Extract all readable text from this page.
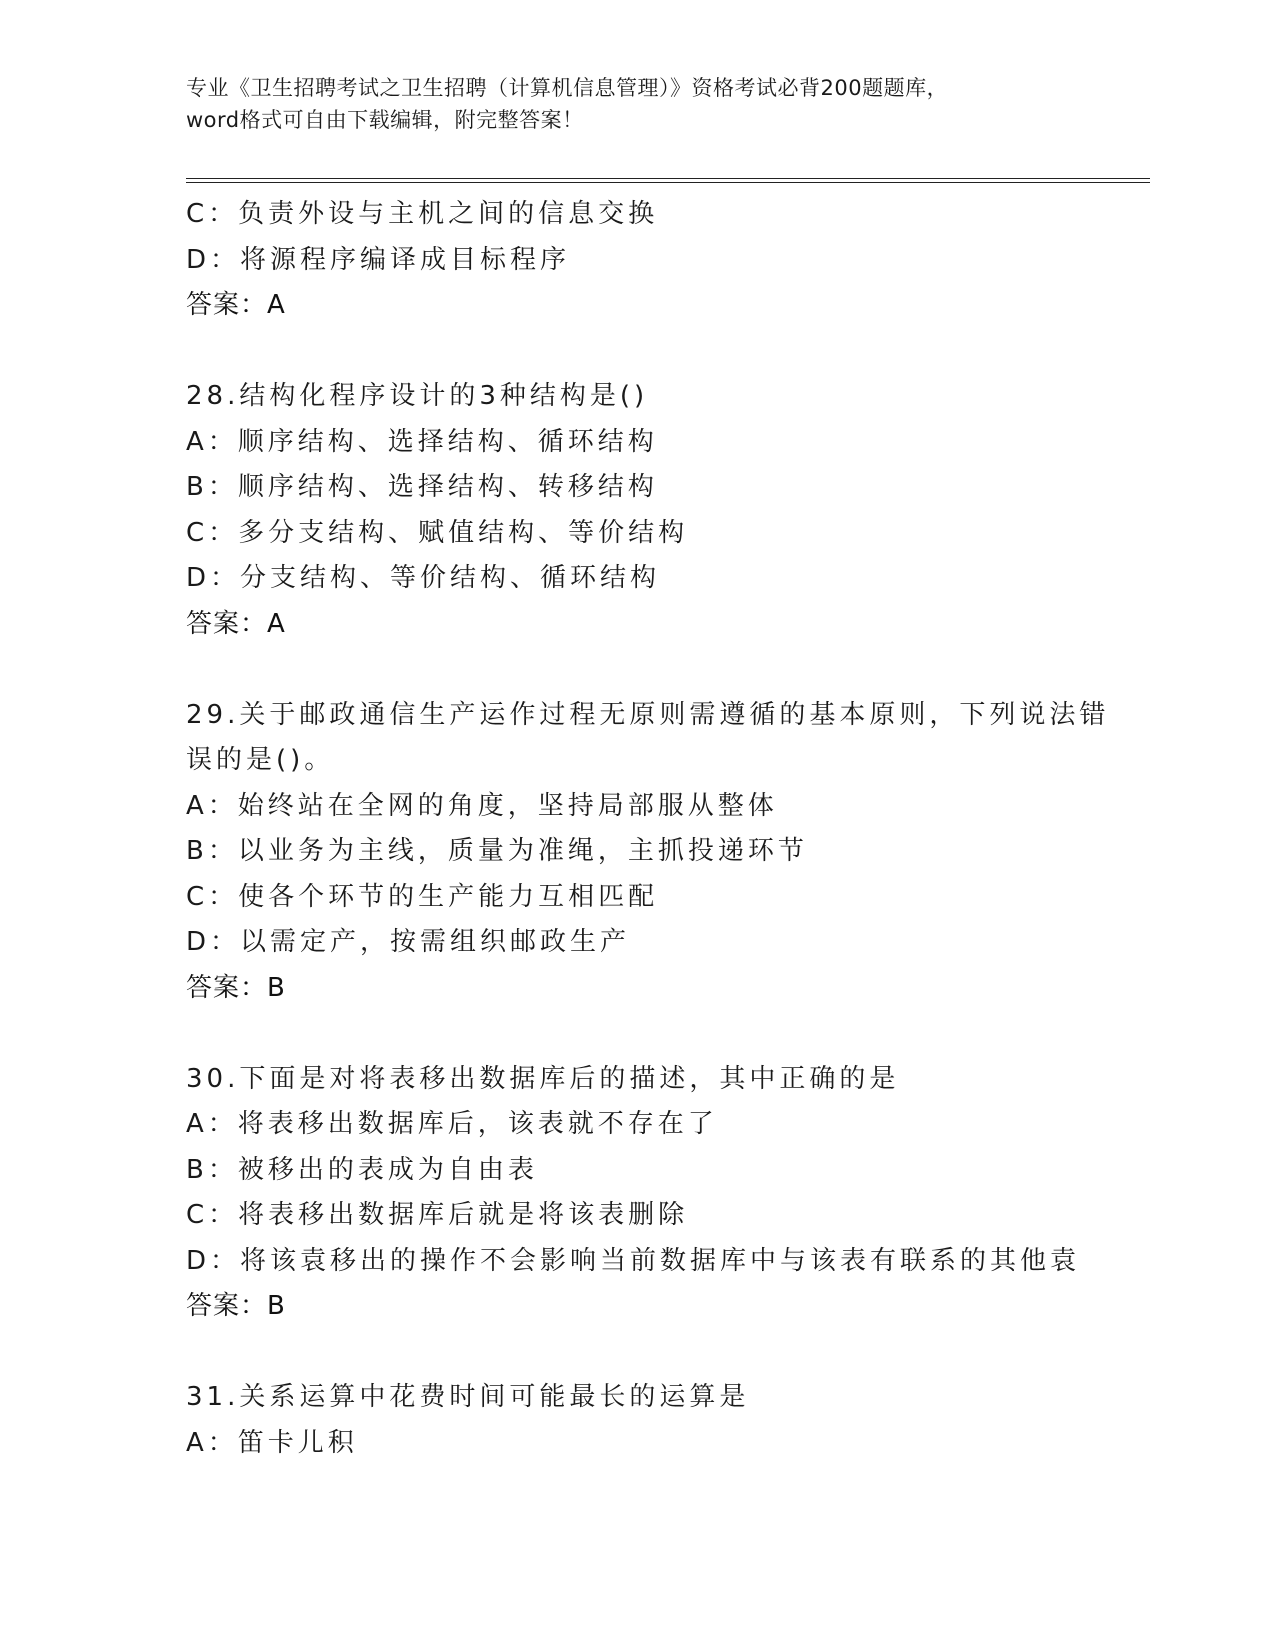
专业《卫生招聘考试之卫生招聘（计算机信息管理）》资格考试必背200题题库，
word格式可自由下载编辑，附完整答案！
C：负责外设与主机之间的信息交换
D：将源程序编译成目标程序
答案：A
28.结构化程序设计的3种结构是()
A：顺序结构、选择结构、循环结构
B：顺序结构、选择结构、转移结构
C：多分支结构、赋值结构、等价结构
D：分支结构、等价结构、循环结构
答案：A
29.关于邮政通信生产运作过程无原则需遵循的基本原则，下列说法错
误的是()。
A：始终站在全网的角度，坚持局部服从整体
B：以业务为主线，质量为准绳，主抓投递环节
C：使各个环节的生产能力互相匹配
D：以需定产，按需组织邮政生产
答案：B
30.下面是对将表移出数据库后的描述，其中正确的是
A：将表移出数据库后，该表就不存在了
B：被移出的表成为自由表
C：将表移出数据库后就是将该表删除
D：将该袁移出的操作不会影响当前数据库中与该表有联系的其他袁
答案：B
31.关系运算中花费时间可能最长的运算是
A：笛卡儿积
